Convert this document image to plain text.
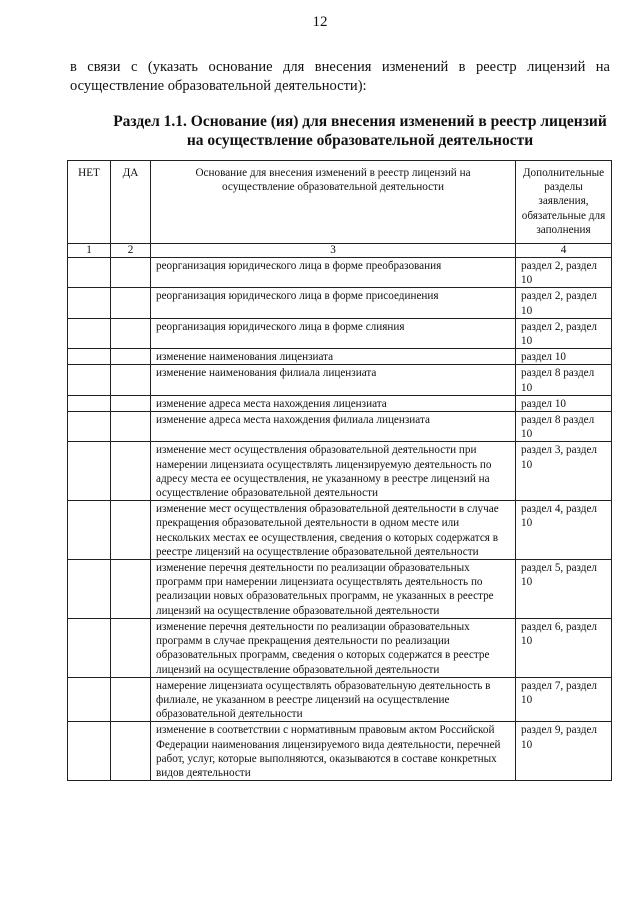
12
в связи с (указать основание для внесения изменений в реестр лицензий на осуществление образовательной деятельности):
Раздел 1.1. Основание (ия) для внесения изменений в реестр лицензий
на осуществление образовательной деятельности
НЕТ	ДА	Основание для внесения изменений в реестр лицензий на осуществление образовательной деятельности	Дополнительные разделы заявления, обязательные для заполнения
1	2	3	4
		реорганизация юридического лица в форме преобразования	раздел 2, раздел 10
		реорганизация юридического лица в форме присоединения	раздел 2, раздел 10
		реорганизация юридического лица в форме слияния	раздел 2, раздел 10
		изменение наименования лицензиата	раздел 10
		изменение наименования филиала лицензиата	раздел 8 раздел 10
		изменение адреса места нахождения лицензиата	раздел 10
		изменение адреса места нахождения филиала лицензиата	раздел 8 раздел 10
		изменение мест осуществления образовательной деятельности при намерении лицензиата осуществлять лицензируемую деятельность по адресу места ее осуществления, не указанному в реестре лицензий на осуществление образовательной деятельности	раздел 3, раздел 10
		изменение мест осуществления образовательной деятельности в случае прекращения образовательной деятельности в одном месте или нескольких местах ее осуществления, сведения о которых содержатся в реестре лицензий на осуществление образовательной деятельности	раздел 4, раздел 10
		изменение перечня деятельности по реализации образовательных программ при намерении лицензиата осуществлять деятельность по реализации новых образовательных программ, не указанных в реестре лицензий на осуществление образовательной деятельности	раздел 5, раздел 10
		изменение перечня деятельности по реализации образовательных программ в случае прекращения деятельности по реализации образовательных программ, сведения о которых содержатся в реестре лицензий на осуществление образовательной деятельности	раздел 6, раздел 10
		намерение лицензиата осуществлять образовательную деятельность в филиале, не указанном в реестре лицензий на осуществление образовательной деятельности	раздел 7, раздел 10
		изменение в соответствии с нормативным правовым актом Российской Федерации наименования лицензируемого вида деятельности, перечней работ, услуг, которые выполняются, оказываются в составе конкретных видов деятельности	раздел 9, раздел 10
